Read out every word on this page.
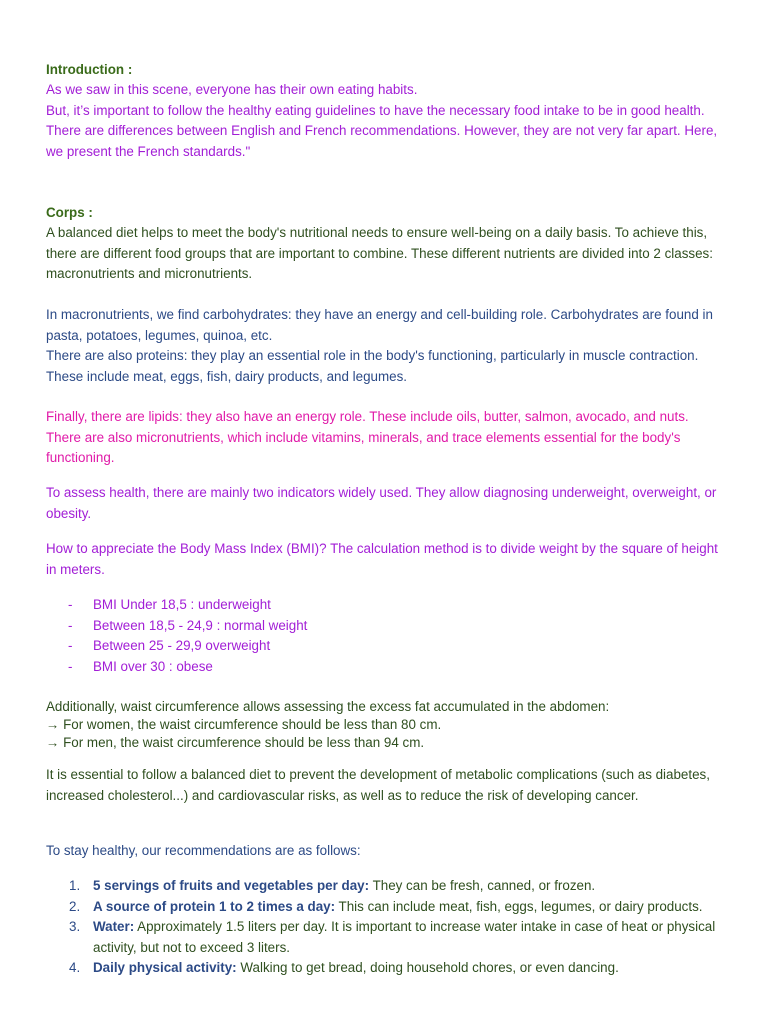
Introduction :

As we saw in this scene, everyone has their own eating habits.
But, it’s important to follow the healthy eating guidelines to have the necessary food intake to be in good health.
There are differences between English and French recommendations. However, they are not very far apart. Here, we present the French standards."

Corps :

A balanced diet helps to meet the body's nutritional needs to ensure well-being on a daily basis. To achieve this, there are different food groups that are important to combine. These different nutrients are divided into 2 classes: macronutrients and micronutrients.

In macronutrients, we find carbohydrates: they have an energy and cell-building role. Carbohydrates are found in pasta, potatoes, legumes, quinoa, etc.
There are also proteins: they play an essential role in the body's functioning, particularly in muscle contraction. These include meat, eggs, fish, dairy products, and legumes.
Finally, there are lipids: they also have an energy role. These include oils, butter, salmon, avocado, and nuts.
There are also micronutrients, which include vitamins, minerals, and trace elements essential for the body's functioning.

To assess health, there are mainly two indicators widely used. They allow diagnosing underweight, overweight, or obesity.

How to appreciate the Body Mass Index (BMI)? The calculation method is to divide weight by the square of height in meters.

- BMI Under 18,5 : underweight
- Between 18,5 - 24,9 : normal weight
- Between 25 - 29,9 overweight
- BMI over 30 : obese
Additionally, waist circumference allows assessing the excess fat accumulated in the abdomen:
→ For women, the waist circumference should be less than 80 cm.
→ For men, the waist circumference should be less than 94 cm.

It is essential to follow a balanced diet to prevent the development of metabolic complications (such as diabetes, increased cholesterol...) and cardiovascular risks, as well as to reduce the risk of developing cancer.

To stay healthy, our recommendations are as follows:

1. 5 servings of fruits and vegetables per day: They can be fresh, canned, or frozen.
2. A source of protein 1 to 2 times a day: This can include meat, fish, eggs, legumes, or dairy products.
3. Water: Approximately 1.5 liters per day. It is important to increase water intake in case of heat or physical activity, but not to exceed 3 liters.
4. Daily physical activity: Walking to get bread, doing household chores, or even dancing.
